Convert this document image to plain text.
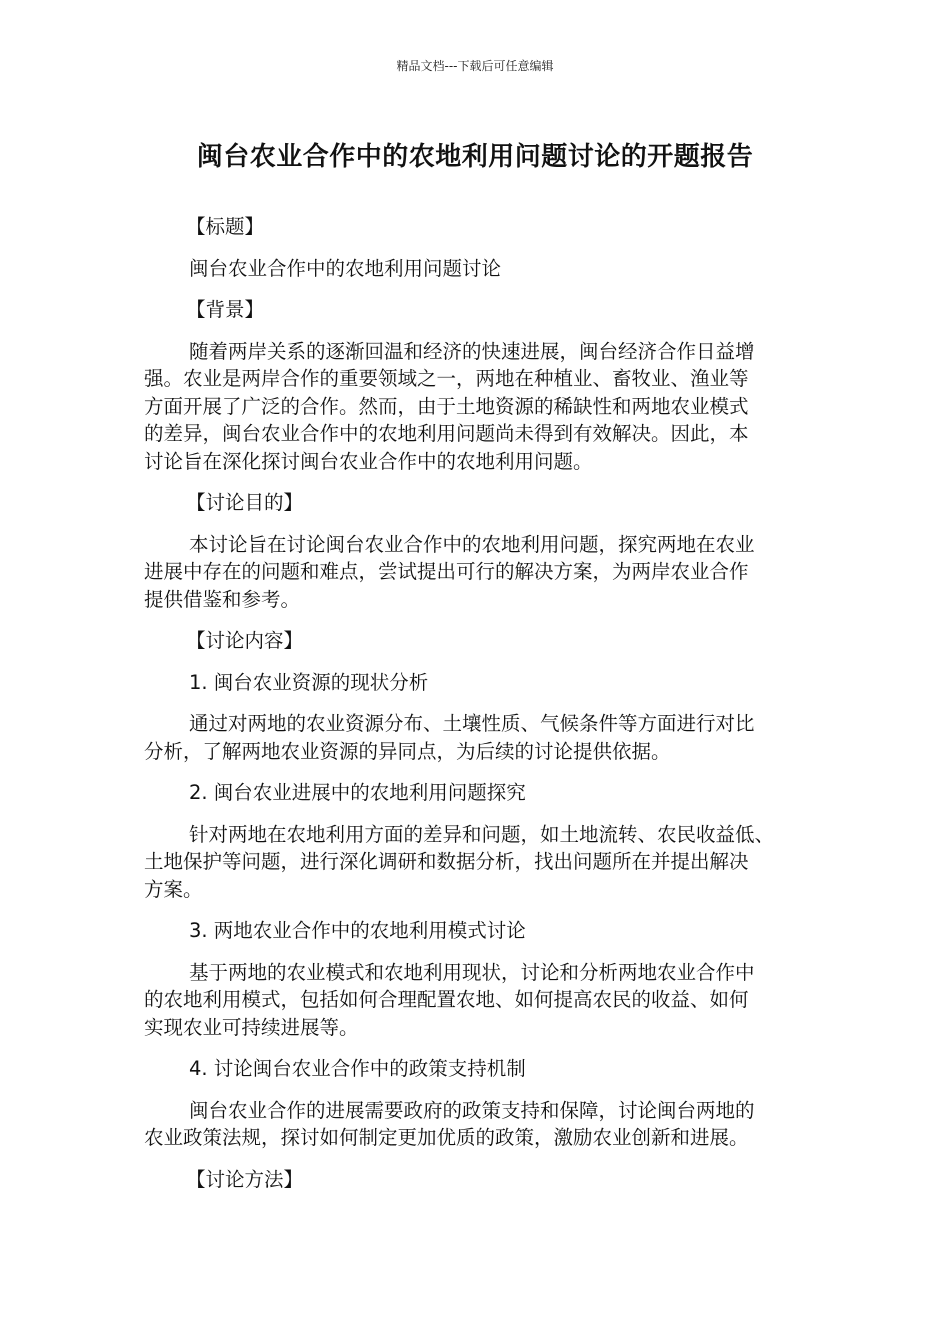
精品文档---下载后可任意编辑
闽台农业合作中的农地利用问题讨论的开题报告

【标题】

闽台农业合作中的农地利用问题讨论

【背景】

随着两岸关系的逐渐回温和经济的快速进展，闽台经济合作日益增

强。农业是两岸合作的重要领域之一，两地在种植业、畜牧业、渔业等

方面开展了广泛的合作。然而，由于土地资源的稀缺性和两地农业模式

的差异，闽台农业合作中的农地利用问题尚未得到有效解决。因此，本

讨论旨在深化探讨闽台农业合作中的农地利用问题。

【讨论目的】

本讨论旨在讨论闽台农业合作中的农地利用问题，探究两地在农业

进展中存在的问题和难点，尝试提出可行的解决方案，为两岸农业合作

提供借鉴和参考。

【讨论内容】

1. 闽台农业资源的现状分析

通过对两地的农业资源分布、土壤性质、气候条件等方面进行对比

分析，了解两地农业资源的异同点，为后续的讨论提供依据。

2. 闽台农业进展中的农地利用问题探究

针对两地在农地利用方面的差异和问题，如土地流转、农民收益低、

土地保护等问题，进行深化调研和数据分析，找出问题所在并提出解决

方案。

3. 两地农业合作中的农地利用模式讨论

基于两地的农业模式和农地利用现状，讨论和分析两地农业合作中

的农地利用模式，包括如何合理配置农地、如何提高农民的收益、如何

实现农业可持续进展等。

4. 讨论闽台农业合作中的政策支持机制

闽台农业合作的进展需要政府的政策支持和保障，讨论闽台两地的

农业政策法规，探讨如何制定更加优质的政策，激励农业创新和进展。

【讨论方法】
